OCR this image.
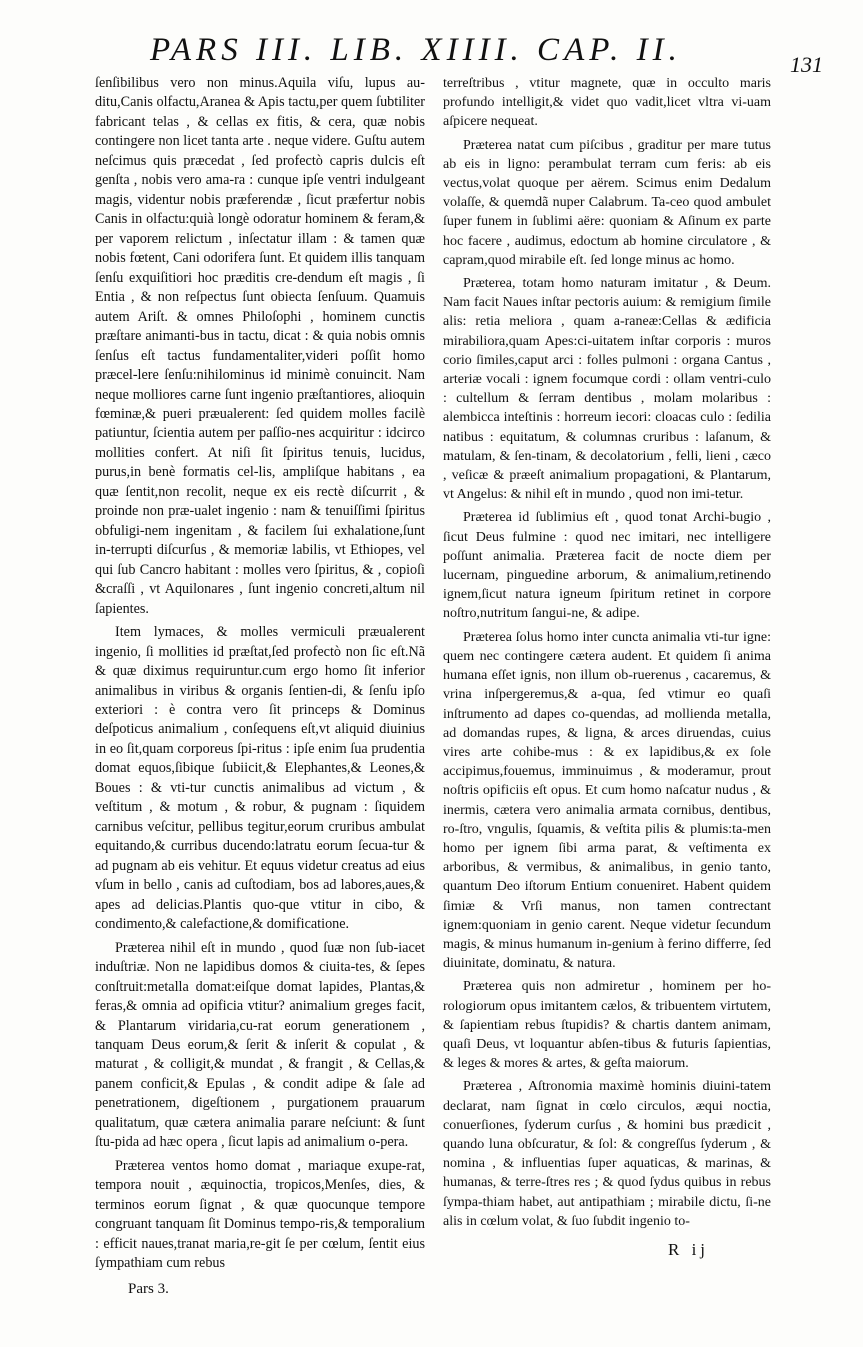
PARS III. LIB. XIIII. CAP. II.	131

ſenſibilibus vero non minus.Aquila viſu, lupus au-ditu,Canis olfactu,Aranea & Apis tactu,per quem ſubtiliter fabricant telas , & cellas ex fitis, & cera, quæ nobis contingere non licet tanta arte . neque videre. Guſtu autem neſcimus quis præcedat , ſed profectò capris dulcis eſt genſta , nobis vero ama-ra : cunque ipſe ventri indulgeant magis, videntur nobis præferendæ , ſicut præfertur nobis Canis in olfactu:quià longè odoratur hominem & feram,& per vaporem relictum , inſectatur illam : & tamen quæ nobis fœtent, Cani odorifera ſunt. Et quidem illis tanquam ſenſu exquiſitiori hoc præditis cre-dendum eſt magis , ſi Entia , & non reſpectus ſunt obiecta ſenſuum. Quamuis autem Ariſt. & omnes Philoſophi , hominem cunctis præſtare animanti-bus in tactu, dicat : & quia nobis omnis ſenſus eſt tactus fundamentaliter,videri poſſit homo præcel-lere ſenſu:nihilominus id minimè conuincit. Nam neque molliores carne ſunt ingenio præſtantiores, alioquin fœminæ,& pueri præualerent: ſed quidem molles facilè patiuntur, ſcientia autem per paſſio-nes acquiritur : idcirco mollities confert. At niſi ſit ſpiritus tenuis, lucidus, purus,in benè formatis cel-lis, ampliſque habitans , ea quæ ſentit,non recolit, neque ex eis rectè diſcurrit , & proinde non præ-ualet ingenio : nam & tenuiſſimi ſpiritus obfuligi-nem ingenitam , & facilem ſui exhalatione,ſunt in-terrupti diſcurſus , & memoriæ labilis, vt Ethiopes, vel qui ſub Cancro habitant : molles vero ſpiritus, & , copioſi &craſſi , vt Aquilonares , ſunt ingenio concreti,altum nil ſapientes.

Item lymaces, & molles vermiculi præualerent ingenio, ſi mollities id præſtat,ſed profectò non ſic eſt.Nã & quæ diximus requiruntur.cum ergo homo ſit inferior animalibus in viribus & organis ſentien-di, & ſenſu ipſo exteriori : è contra vero ſit princeps & Dominus deſpoticus animalium , conſequens eſt,vt aliquid diuinius in eo ſit,quam corporeus ſpi-ritus : ipſe enim ſua prudentia domat equos,ſibique ſubiicit,& Elephantes,& Leones,& Boues : & vti-tur cunctis animalibus ad victum , & veſtitum , & motum , & robur, & pugnam : ſiquidem carnibus veſcitur, pellibus tegitur,eorum cruribus ambulat equitando,& curribus ducendo:latratu eorum ſecua-tur & ad pugnam ab eis vehitur. Et equus videtur creatus ad eius vſum in bello , canis ad cuſtodiam, bos ad labores,aues,& apes ad delicias.Plantis quo-que vtitur in cibo, & condimento,& calefactione,& domificatione.

Præterea nihil eſt in mundo , quod ſuæ non ſub-iacet induſtriæ. Non ne lapidibus domos & ciuita-tes, & ſepes conſtruit:metalla domat:eiſque domat lapides, Plantas,& feras,& omnia ad opificia vtitur? animalium greges facit, & Plantarum viridaria,cu-rat eorum generationem , tanquam Deus eorum,& ſerit & inſerit & copulat , & maturat , & colligit,& mundat , & frangit , & Cellas,& panem conficit,& Epulas , & condit adipe & ſale ad penetrationem, digeſtionem , purgationem prauarum qualitatum, quæ cætera animalia parare neſciunt: & ſunt ſtu-pida ad hæc opera , ſicut lapis ad animalium o-pera.

Præterea ventos homo domat , mariaque exupe-rat, tempora nouit , æquinoctia, tropicos,Menſes, dies, & terminos eorum ſignat , & quæ quocunque tempore congruant tanquam ſit Dominus tempo-ris,& temporalium : efficit naues,tranat maria,re-git ſe per cœlum, ſentit eius ſympathiam cum rebus

terreſtribus , vtitur magnete, quæ in occulto maris profundo intelligit,& videt quo vadit,licet vltra vi-uam aſpicere nequeat.

Præterea natat cum piſcibus , graditur per mare tutus ab eis in ligno: perambulat terram cum feris: ab eis vectus,volat quoque per aërem. Scimus enim Dedalum volaſſe, & quemdã nuper Calabrum. Ta-ceo quod ambulet ſuper funem in ſublimi aëre: quoniam & Aſinum ex parte hoc facere , audimus, edoctum ab homine circulatore , & capram,quod mirabile eſt. ſed longe minus ac homo.

Præterea, totam homo naturam imitatur , & Deum. Nam facit Naues inſtar pectoris auium: & remigium ſimile alis: retia meliora , quam a-raneæ:Cellas & ædificia mirabiliora,quam Apes:ci-uitatem inſtar corporis : muros corio ſimiles,caput arci : folles pulmoni : organa Cantus , arteriæ vocali : ignem focumque cordi : ollam ventri-culo : cultellum & ſerram dentibus , molam molaribus : alembicca inteſtinis : horreum iecori: cloacas culo : ſedilia natibus : equitatum, & columnas cruribus : laſanum, & matulam, & ſen-tinam, & decolatorium , felli, lieni , cæco , veſicæ & præeſt animalium propagationi, & Plantarum, vt Angelus: & nihil eſt in mundo , quod non imi-tetur.

Præterea id ſublimius eſt , quod tonat Archi-bugio , ſicut Deus fulmine : quod nec imitari, nec intelligere poſſunt animalia. Præterea facit de nocte diem per lucernam, pinguedine arborum, & animalium,retinendo ignem,ſicut natura igneum ſpiritum retinet in corpore noſtro,nutritum ſangui-ne, & adipe.

Præterea ſolus homo inter cuncta animalia vti-tur igne: quem nec contingere cætera audent. Et quidem ſi anima humana eſſet ignis, non illum ob-ruerenus , cacaremus, & vrina inſpergeremus,& a-qua, ſed vtimur eo quaſi inſtrumento ad dapes co-quendas, ad mollienda metalla, ad domandas rupes, & ligna, & arces diruendas, cuius vires arte cohibe-mus : & ex lapidibus,& ex ſole accipimus,fouemus, imminuimus , & moderamur, prout noſtris opificiis eſt opus. Et cum homo naſcatur nudus , & inermis, cætera vero animalia armata cornibus, dentibus, ro-ſtro, vngulis, ſquamis, & veſtita pilis & plumis:ta-men homo per ignem ſibi arma parat, & veſtimenta ex arboribus, & vermibus, & animalibus, in genio tanto, quantum Deo iſtorum Entium conueniret. Habent quidem ſimiæ & Vrſi manus, non tamen contrectant ignem:quoniam in genio carent. Neque videtur ſecundum magis, & minus humanum in-genium à ferino differre, ſed diuinitate, dominatu, & natura.

Præterea quis non admiretur , hominem per ho-rologiorum opus imitantem cælos, & tribuentem virtutem, & ſapientiam rebus ſtupidis? & chartis dantem animam, quaſi Deus, vt loquantur abſen-tibus & futuris ſapientias, & leges & mores & artes, & geſta maiorum.

Præterea , Aſtronomia maximè hominis diuini-tatem declarat, nam ſignat in cœlo circulos, æqui noctia, conuerſiones, ſyderum curſus , & homini bus prædicit , quando luna obſcuratur, & ſol: & congreſſus ſyderum , & nomina , & influentias ſuper aquaticas, & marinas, & humanas, & terre-ſtres res ; & quod ſydus quibus in rebus ſympa-thiam habet, aut antipathiam ; mirabile dictu, ſi-ne alis in cœlum volat, & ſuo ſubdit ingenio to-

Pars 3.
R ij
